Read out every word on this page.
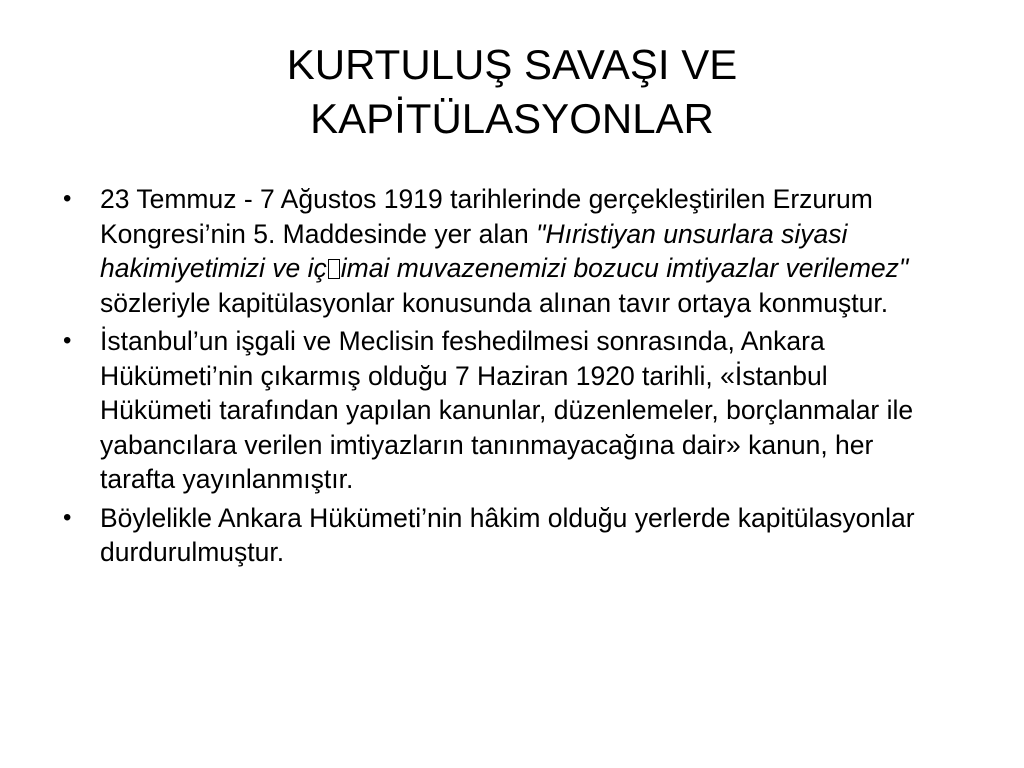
KURTULUŞ SAVAŞI VE
KAPİTÜLASYONLAR
• 23 Temmuz - 7 Ağustos 1919 tarihlerinde gerçekleştirilen Erzurum Kongresi’nin 5. Maddesinde yer alan "Hıristiyan unsurlara siyasi hakimiyetimizi ve iç imai muvazenemizi bozucu imtiyazlar verilemez" sözleriyle kapitülasyonlar konusunda alınan tavır ortaya konmuştur.
• İstanbul’un işgali ve Meclisin feshedilmesi sonrasında, Ankara Hükümeti’nin çıkarmış olduğu 7 Haziran 1920 tarihli, «İstanbul Hükümeti tarafından yapılan kanunlar, düzenlemeler, borçlanmalar ile yabancılara verilen imtiyazların tanınmayacağına dair» kanun, her tarafta yayınlanmıştır.
• Böylelikle Ankara Hükümeti’nin hâkim olduğu yerlerde kapitülasyonlar durdurulmuştur.
